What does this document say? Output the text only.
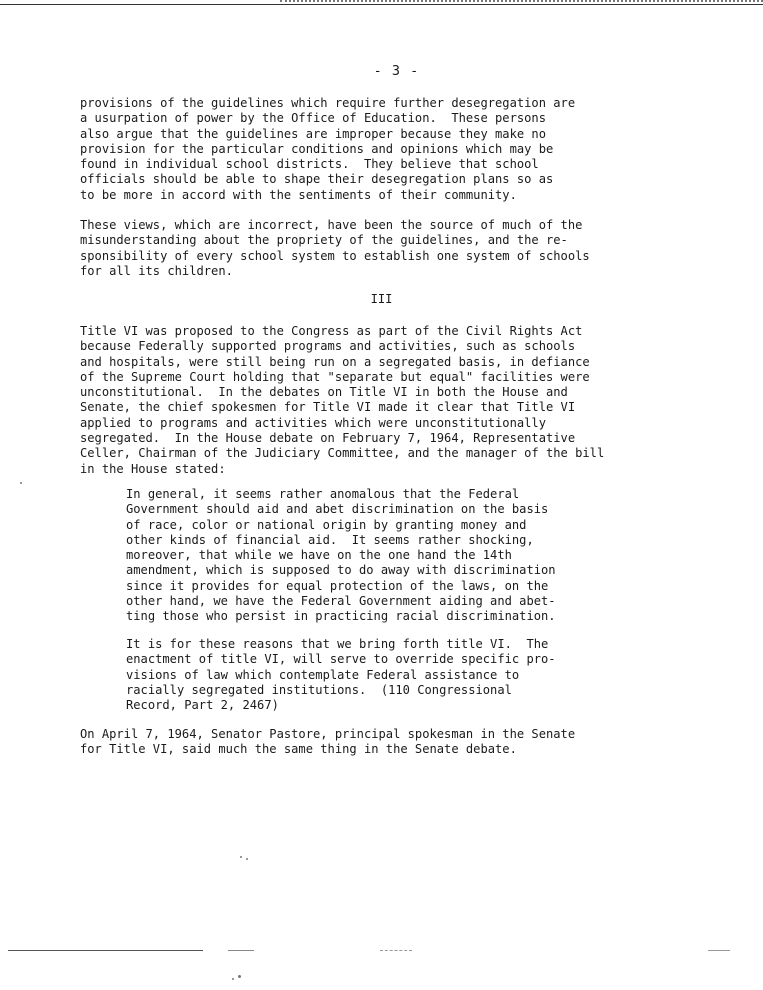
- 3 -

provisions of the guidelines which require further desegregation are
a usurpation of power by the Office of Education.  These persons
also argue that the guidelines are improper because they make no
provision for the particular conditions and opinions which may be
found in individual school districts.  They believe that school
officials should be able to shape their desegregation plans so as
to be more in accord with the sentiments of their community.

These views, which are incorrect, have been the source of much of the
misunderstanding about the propriety of the guidelines, and the re-
sponsibility of every school system to establish one system of schools
for all its children.

III

Title VI was proposed to the Congress as part of the Civil Rights Act
because Federally supported programs and activities, such as schools
and hospitals, were still being run on a segregated basis, in defiance
of the Supreme Court holding that "separate but equal" facilities were
unconstitutional.  In the debates on Title VI in both the House and
Senate, the chief spokesmen for Title VI made it clear that Title VI
applied to programs and activities which were unconstitutionally
segregated.  In the House debate on February 7, 1964, Representative
Celler, Chairman of the Judiciary Committee, and the manager of the bill
in the House stated:

In general, it seems rather anomalous that the Federal
Government should aid and abet discrimination on the basis
of race, color or national origin by granting money and
other kinds of financial aid.  It seems rather shocking,
moreover, that while we have on the one hand the 14th
amendment, which is supposed to do away with discrimination
since it provides for equal protection of the laws, on the
other hand, we have the Federal Government aiding and abet-
ting those who persist in practicing racial discrimination.

It is for these reasons that we bring forth title VI.  The
enactment of title VI, will serve to override specific pro-
visions of law which contemplate Federal assistance to
racially segregated institutions.  (110 Congressional
Record, Part 2, 2467)

On April 7, 1964, Senator Pastore, principal spokesman in the Senate
for Title VI, said much the same thing in the Senate debate.
